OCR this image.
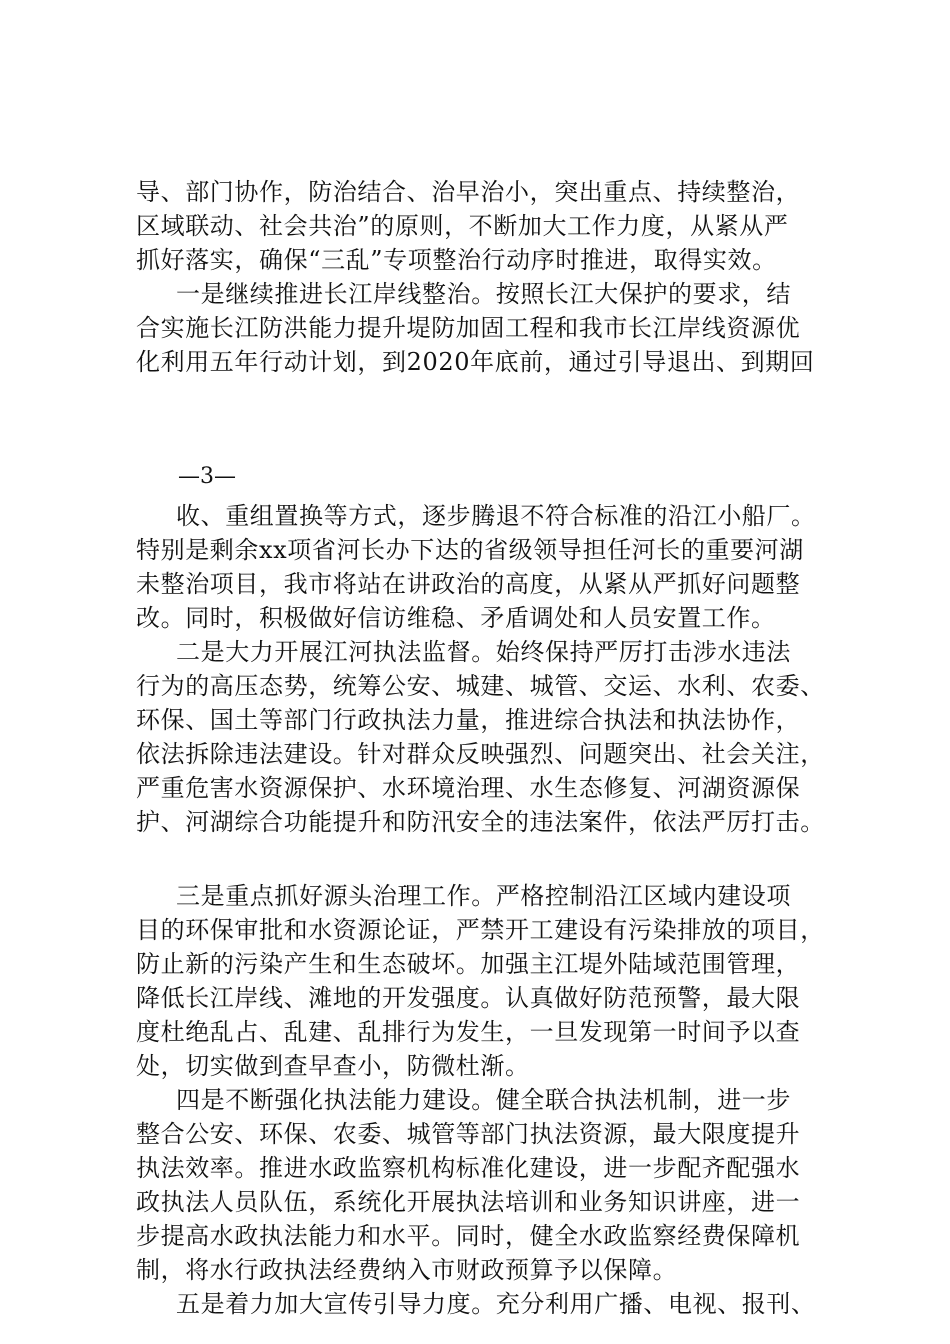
导、部门协作，防治结合、治早治小，突出重点、持续整治，
区域联动、社会共治”的原则，不断加大工作力度，从紧从严
抓好落实，确保“三乱”专项整治行动序时推进，取得实效。
一是继续推进长江岸线整治。按照长江大保护的要求，结
合实施长江防洪能力提升堤防加固工程和我市长江岸线资源优
化利用五年行动计划，到2020年底前，通过引导退出、到期回
—3—
收、重组置换等方式，逐步腾退不符合标准的沿江小船厂。
特别是剩余xx项省河长办下达的省级领导担任河长的重要河湖
未整治项目，我市将站在讲政治的高度，从紧从严抓好问题整
改。同时，积极做好信访维稳、矛盾调处和人员安置工作。
二是大力开展江河执法监督。始终保持严厉打击涉水违法
行为的高压态势，统筹公安、城建、城管、交运、水利、农委、
环保、国土等部门行政执法力量，推进综合执法和执法协作，
依法拆除违法建设。针对群众反映强烈、问题突出、社会关注，
严重危害水资源保护、水环境治理、水生态修复、河湖资源保
护、河湖综合功能提升和防汛安全的违法案件，依法严厉打击。
三是重点抓好源头治理工作。严格控制沿江区域内建设项
目的环保审批和水资源论证，严禁开工建设有污染排放的项目，
防止新的污染产生和生态破坏。加强主江堤外陆域范围管理，
降低长江岸线、滩地的开发强度。认真做好防范预警，最大限
度杜绝乱占、乱建、乱排行为发生，一旦发现第一时间予以查
处，切实做到查早查小，防微杜渐。
四是不断强化执法能力建设。健全联合执法机制，进一步
整合公安、环保、农委、城管等部门执法资源，最大限度提升
执法效率。推进水政监察机构标准化建设，进一步配齐配强水
政执法人员队伍，系统化开展执法培训和业务知识讲座，进一
步提高水政执法能力和水平。同时，健全水政监察经费保障机
制，将水行政执法经费纳入市财政预算予以保障。
五是着力加大宣传引导力度。充分利用广播、电视、报刊、
